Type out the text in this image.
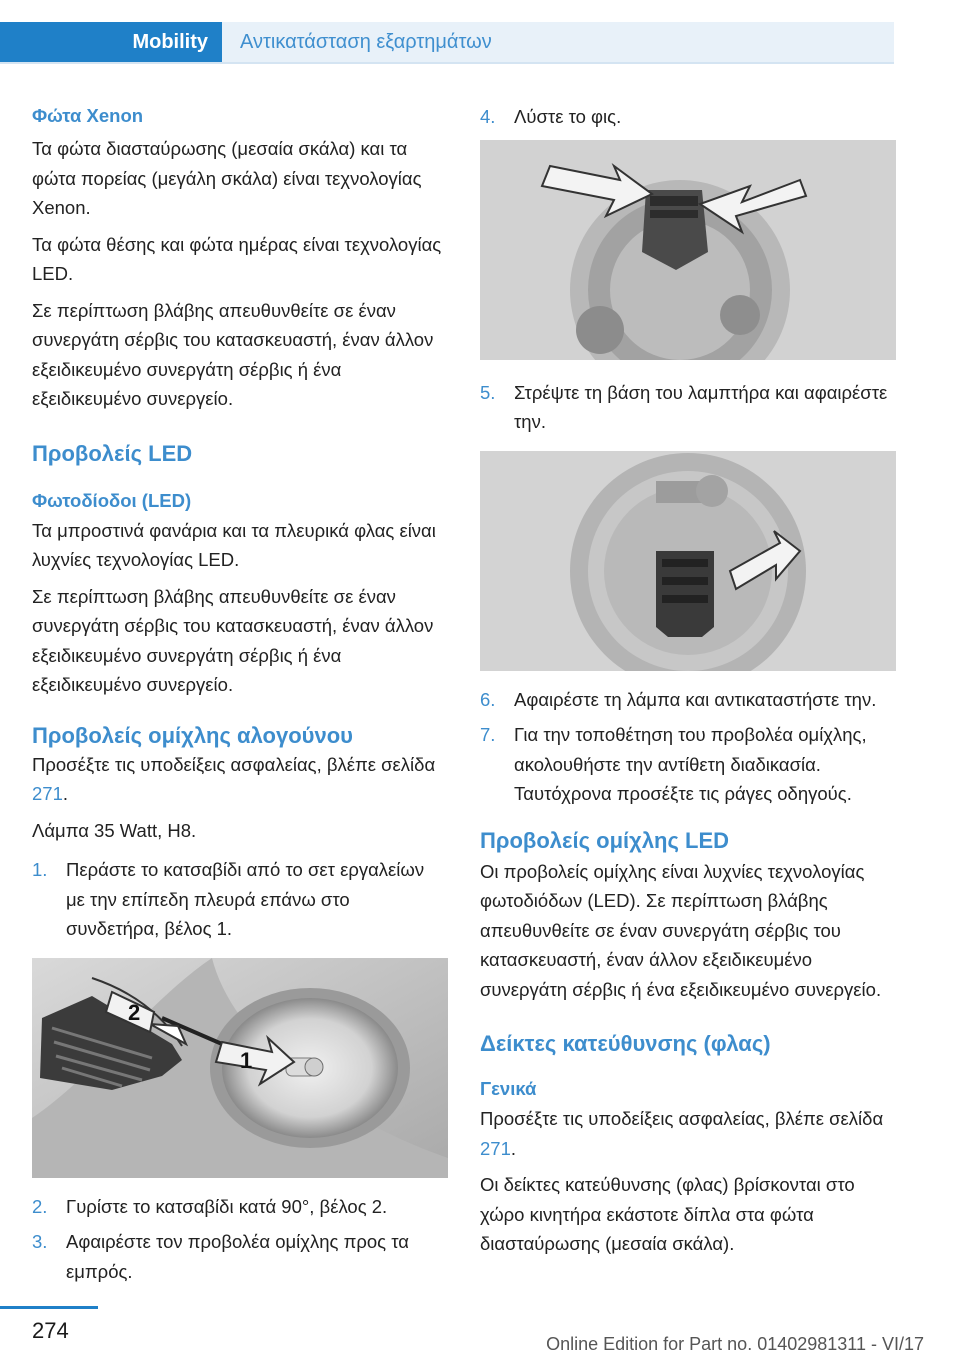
Mobility	Αντικατάσταση εξαρτημάτων
Φώτα Xenon

Τα φώτα διασταύρωσης (μεσαία σκάλα) και τα φώτα πορείας (μεγάλη σκάλα) είναι τεχνολογίας Xenon.

Τα φώτα θέσης και φώτα ημέρας είναι τεχνολογίας LED.

Σε περίπτωση βλάβης απευθυνθείτε σε έναν συνεργάτη σέρβις του κατασκευαστή, έναν άλλον εξειδικευμένο συνεργάτη σέρβις ή ένα εξειδικευμένο συνεργείο.

Προβολείς LED
Φωτοδίοδοι (LED)

Τα μπροστινά φανάρια και τα πλευρικά φλας είναι λυχνίες τεχνολογίας LED.

Σε περίπτωση βλάβης απευθυνθείτε σε έναν συνεργάτη σέρβις του κατασκευαστή, έναν άλλον εξειδικευμένο συνεργάτη σέρβις ή ένα εξειδικευμένο συνεργείο.

Προβολείς ομίχλης αλογούνου

Προσέξτε τις υποδείξεις ασφαλείας, βλέπε σελίδα 271.

Λάμπα 35 Watt, H8.

1.	Περάστε το κατσαβίδι από το σετ εργαλείων με την επίπεδη πλευρά επάνω στο συνδετήρα, βέλος 1.
2
1
2.	Γυρίστε το κατσαβίδι κατά 90°, βέλος 2.
3.	Αφαιρέστε τον προβολέα ομίχλης προς τα εμπρός.
4.	Λύστε το φις.
5.	Στρέψτε τη βάση του λαμπτήρα και αφαιρέστε την.
6.	Αφαιρέστε τη λάμπα και αντικαταστήστε την.
7.	Για την τοποθέτηση του προβολέα ομίχλης, ακολουθήστε την αντίθετη διαδικασία. Ταυτόχρονα προσέξτε τις ράγες οδηγούς.
Προβολείς ομίχλης LED

Οι προβολείς ομίχλης είναι λυχνίες τεχνολογίας φωτοδιόδων (LED). Σε περίπτωση βλάβης απευθυνθείτε σε έναν συνεργάτη σέρβις του κατασκευαστή, έναν άλλον εξειδικευμένο συνεργάτη σέρβις ή ένα εξειδικευμένο συνεργείο.

Δείκτες κατεύθυνσης (φλας)
Γενικά

Προσέξτε τις υποδείξεις ασφαλείας, βλέπε σελίδα 271.

Οι δείκτες κατεύθυνσης (φλας) βρίσκονται στο χώρο κινητήρα εκάστοτε δίπλα στα φώτα διασταύρωσης (μεσαία σκάλα).

274
Online Edition for Part no. 01402981311 - VI/17
